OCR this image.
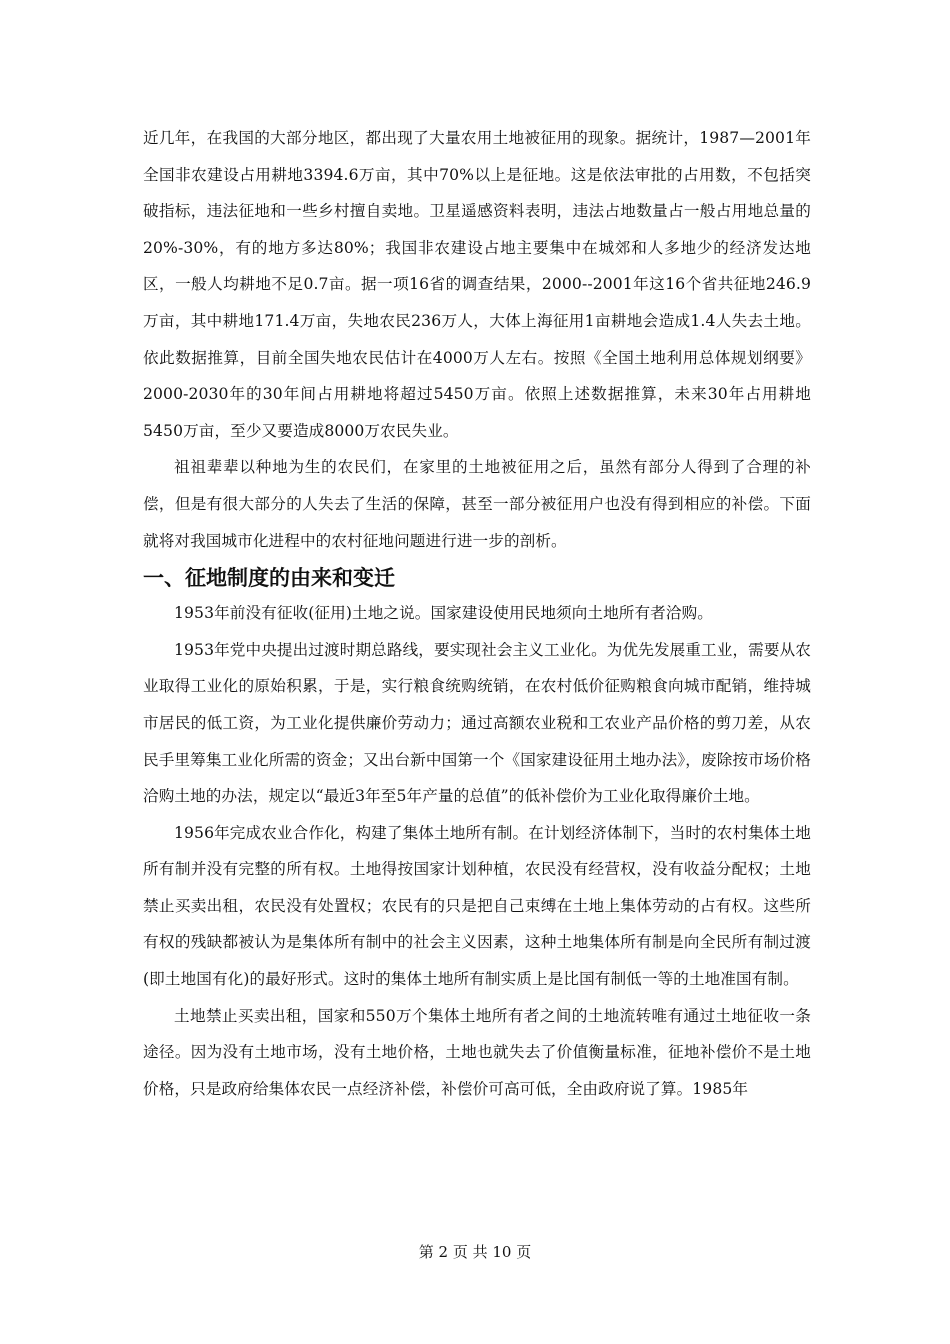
近几年，在我国的大部分地区，都出现了大量农用土地被征用的现象。据统计，1987—2001年全国非农建设占用耕地3394.6万亩，其中70%以上是征地。这是依法审批的占用数，不包括突破指标，违法征地和一些乡村擅自卖地。卫星遥感资料表明，违法占地数量占一般占用地总量的20%-30%，有的地方多达80%；我国非农建设占地主要集中在城郊和人多地少的经济发达地区，一般人均耕地不足0.7亩。据一项16省的调查结果，2000--2001年这16个省共征地246.9万亩，其中耕地171.4万亩，失地农民236万人，大体上海征用1亩耕地会造成1.4人失去土地。依此数据推算，目前全国失地农民估计在4000万人左右。按照《全国土地利用总体规划纲要》2000-2030年的30年间占用耕地将超过5450万亩。依照上述数据推算，未来30年占用耕地5450万亩，至少又要造成8000万农民失业。

祖祖辈辈以种地为生的农民们，在家里的土地被征用之后，虽然有部分人得到了合理的补偿，但是有很大部分的人失去了生活的保障，甚至一部分被征用户也没有得到相应的补偿。下面就将对我国城市化进程中的农村征地问题进行进一步的剖析。

一、征地制度的由来和变迁

1953年前没有征收(征用)土地之说。国家建设使用民地须向土地所有者洽购。

1953年党中央提出过渡时期总路线，要实现社会主义工业化。为优先发展重工业，需要从农业取得工业化的原始积累，于是，实行粮食统购统销，在农村低价征购粮食向城市配销，维持城市居民的低工资，为工业化提供廉价劳动力；通过高额农业税和工农业产品价格的剪刀差，从农民手里筹集工业化所需的资金；又出台新中国第一个《国家建设征用土地办法》，废除按市场价格洽购土地的办法，规定以“最近3年至5年产量的总值”的低补偿价为工业化取得廉价土地。

1956年完成农业合作化，构建了集体土地所有制。在计划经济体制下，当时的农村集体土地所有制并没有完整的所有权。土地得按国家计划种植，农民没有经营权，没有收益分配权；土地禁止买卖出租，农民没有处置权；农民有的只是把自己束缚在土地上集体劳动的占有权。这些所有权的残缺都被认为是集体所有制中的社会主义因素，这种土地集体所有制是向全民所有制过渡(即土地国有化)的最好形式。这时的集体土地所有制实质上是比国有制低一等的土地准国有制。

土地禁止买卖出租，国家和550万个集体土地所有者之间的土地流转唯有通过土地征收一条途径。因为没有土地市场，没有土地价格，土地也就失去了价值衡量标准，征地补偿价不是土地价格，只是政府给集体农民一点经济补偿，补偿价可高可低，全由政府说了算。1985年

第 2 页 共 10 页
